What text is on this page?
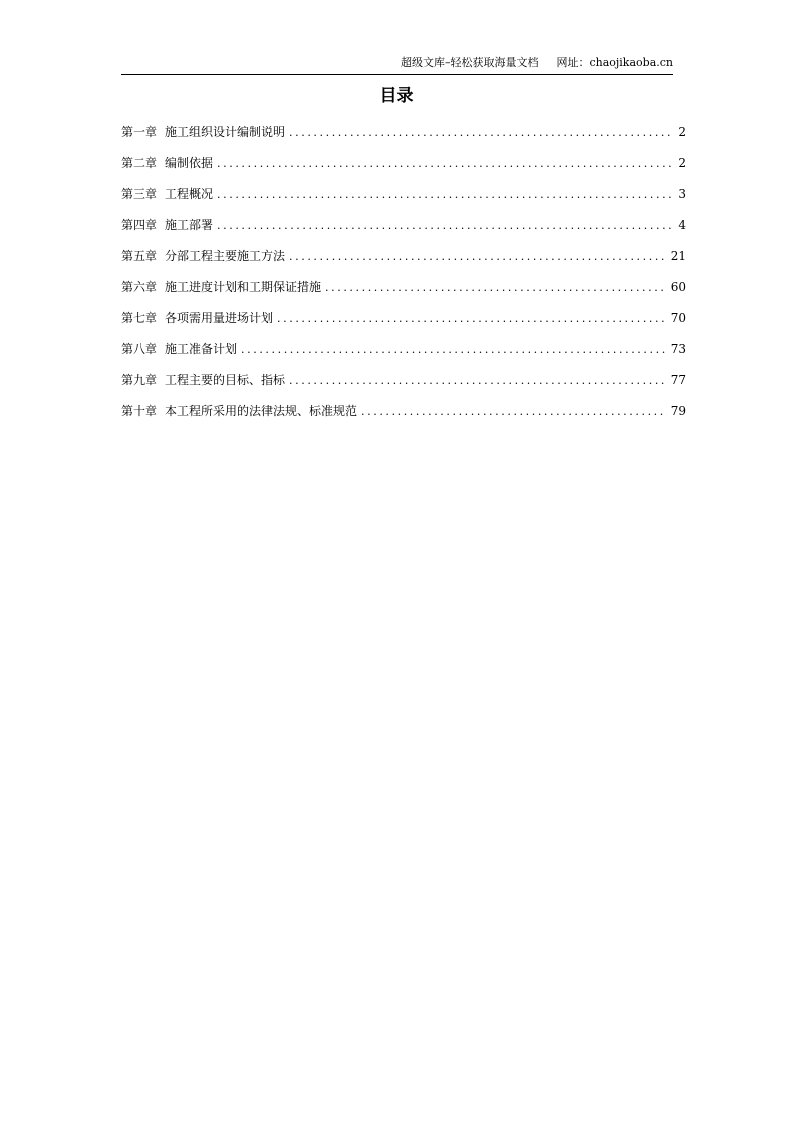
超级文库–轻松获取海量文档 网址：chaojikaoba.cn
目录
第一章 施工组织设计编制说明 .....	2
第二章 编制依据 .....	2
第三章 工程概况 .....	3
第四章 施工部署 .....	4
第五章 分部工程主要施工方法 .....	21
第六章 施工进度计划和工期保证措施 .....	60
第七章 各项需用量进场计划 .....	70
第八章 施工准备计划 .....	73
第九章 工程主要的目标、指标 .....	77
第十章 本工程所采用的法律法规、标准规范 .....	79
